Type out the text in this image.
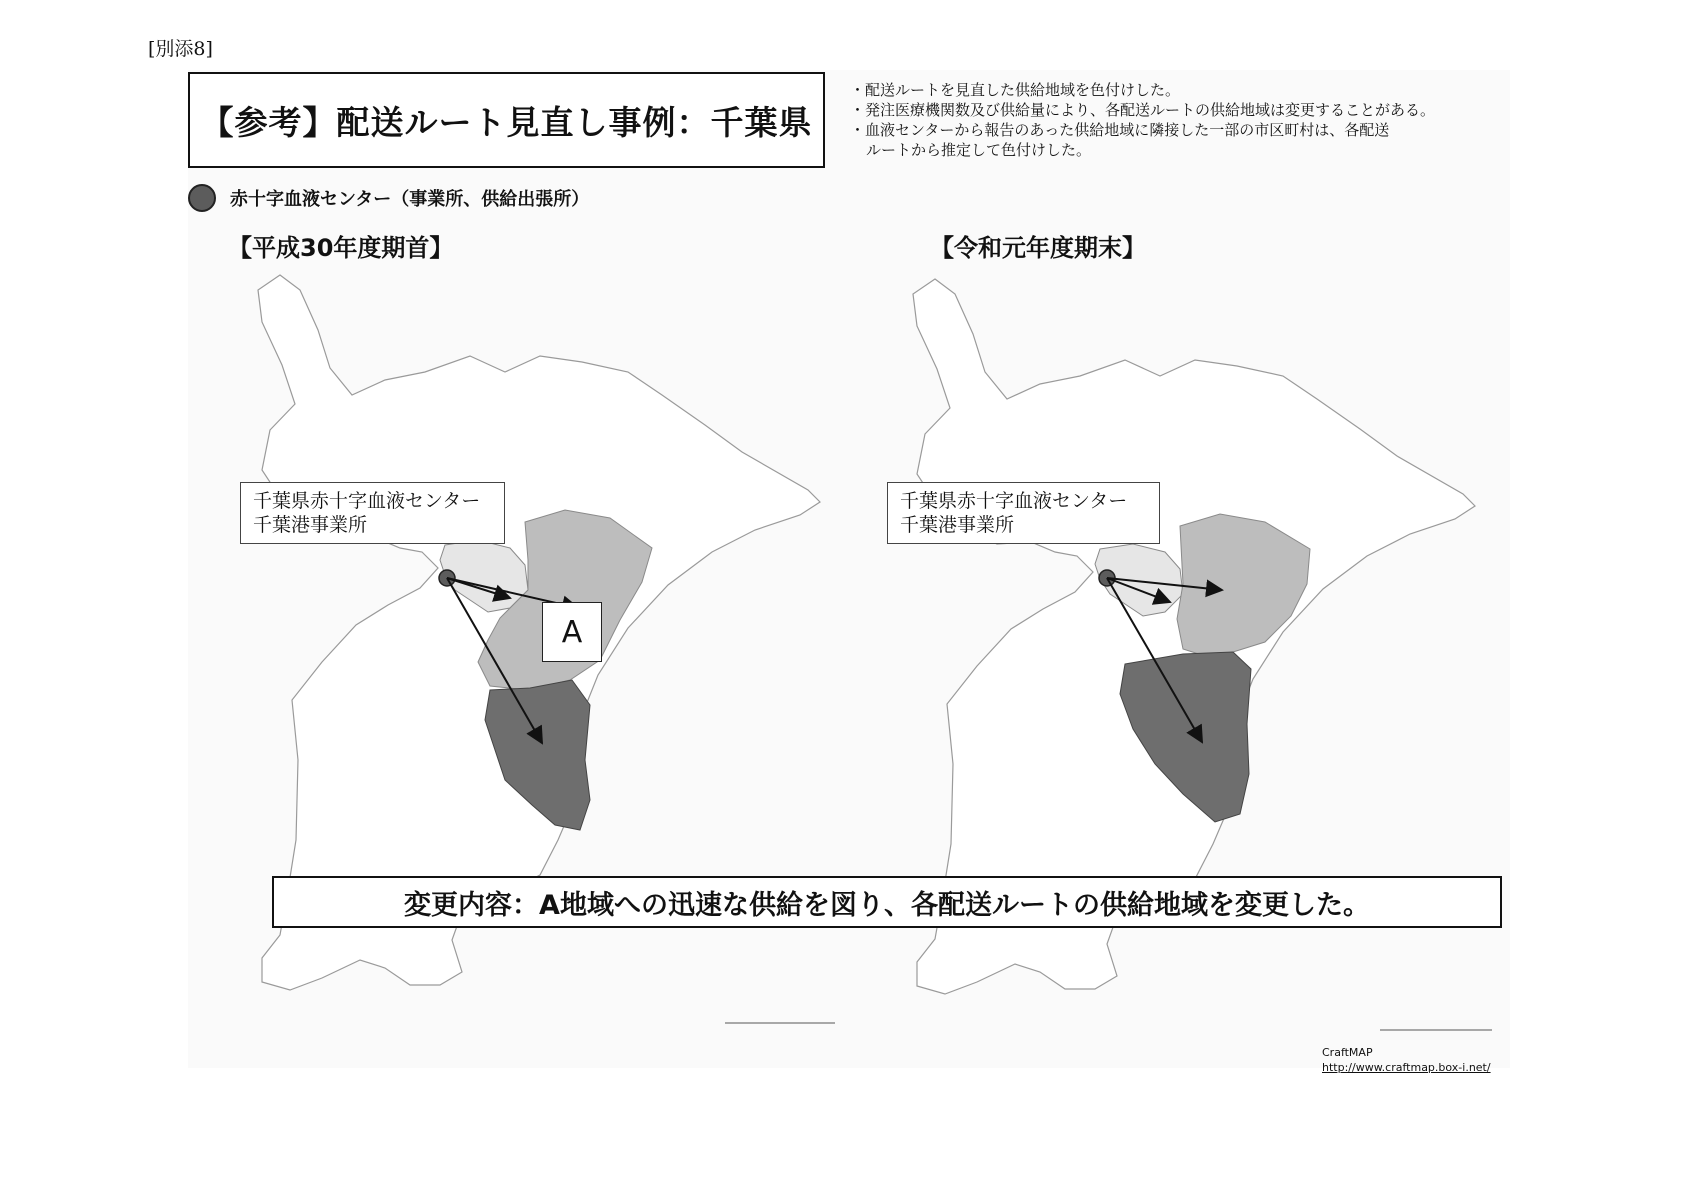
[別添8]
【参考】配送ルート見直し事例：千葉県
・配送ルートを見直した供給地域を色付けした。
・発注医療機関数及び供給量により、各配送ルートの供給地域は変更することがある。
・血液センターから報告のあった供給地域に隣接した一部の市区町村は、各配送
ルートから推定して色付けした。
赤十字血液センター（事業所、供給出張所）
【平成30年度期首】	【令和元年度期末】
千葉県赤十字血液センター
千葉港事業所
千葉県赤十字血液センター
千葉港事業所
A
変更内容：A地域への迅速な供給を図り、各配送ルートの供給地域を変更した。
CraftMAP
http://www.craftmap.box-i.net/
